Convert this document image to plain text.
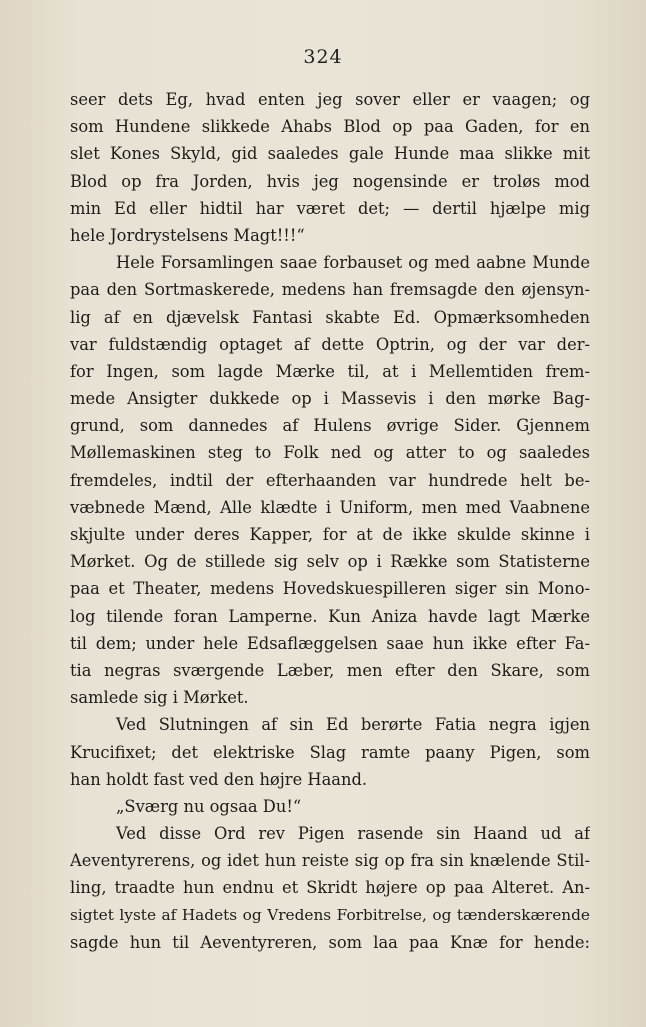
324
seer dets Eg, hvad enten jeg sover eller er vaagen; og
som Hundene slikkede Ahabs Blod op paa Gaden, for en
slet Kones Skyld, gid saaledes gale Hunde maa slikke mit
Blod op fra Jorden, hvis jeg nogensinde er troløs mod
min Ed eller hidtil har været det; — dertil hjælpe mig
hele Jordrystelsens Magt!!!“
Hele Forsamlingen saae forbauset og med aabne Munde
paa den Sortmaskerede, medens han fremsagde den øjensyn-
lig af en djævelsk Fantasi skabte Ed. Opmærksomheden
var fuldstændig optaget af dette Optrin, og der var der-
for Ingen, som lagde Mærke til, at i Mellemtiden frem-
mede Ansigter dukkede op i Massevis i den mørke Bag-
grund, som dannedes af Hulens øvrige Sider. Gjennem
Møllemaskinen steg to Folk ned og atter to og saaledes
fremdeles, indtil der efterhaanden var hundrede helt be-
væbnede Mænd, Alle klædte i Uniform, men med Vaabnene
skjulte under deres Kapper, for at de ikke skulde skinne i
Mørket. Og de stillede sig selv op i Række som Statisterne
paa et Theater, medens Hovedskuespilleren siger sin Mono-
log tilende foran Lamperne. Kun Aniza havde lagt Mærke
til dem; under hele Edsaflæggelsen saae hun ikke efter Fa-
tia negras sværgende Læber, men efter den Skare, som
samlede sig i Mørket.
Ved Slutningen af sin Ed berørte Fatia negra igjen
Krucifixet; det elektriske Slag ramte paany Pigen, som
han holdt fast ved den højre Haand.
„Sværg nu ogsaa Du!“
Ved disse Ord rev Pigen rasende sin Haand ud af
Aeventyrerens, og idet hun reiste sig op fra sin knælende Stil-
ling, traadte hun endnu et Skridt højere op paa Alteret. An-
sigtet lyste af Hadets og Vredens Forbitrelse, og tænderskærende
sagde hun til Aeventyreren, som laa paa Knæ for hende:
